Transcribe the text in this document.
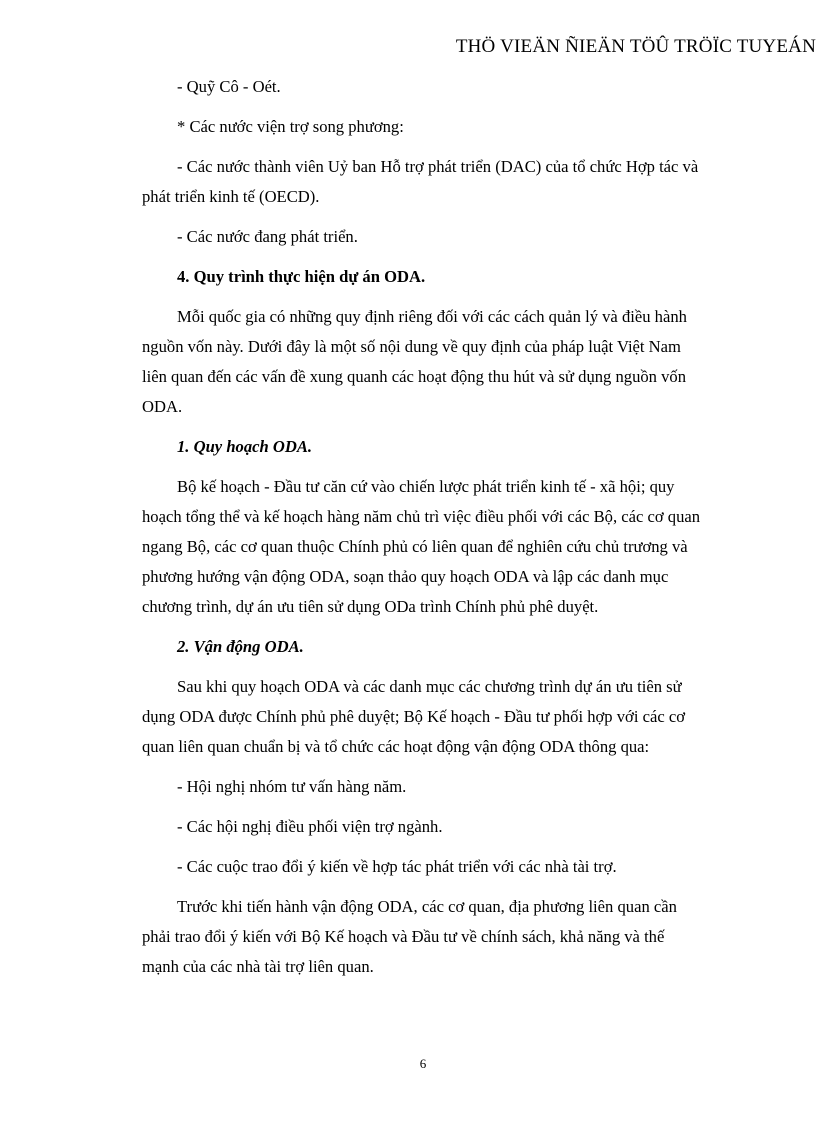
THÖ VIEÄN ÑIEÄN TÖÛ TRÖÏC TUYEÁN

- Quỹ Cô - Oét.

* Các nước viện trợ song phương:

- Các nước thành viên Uỷ ban Hỗ trợ phát triển (DAC) của tổ chức Hợp tác và phát triển kinh tế (OECD).

- Các nước đang phát triển.

4. Quy trình thực hiện dự án ODA.

Mỗi quốc gia có những quy định riêng đối với các cách quản lý và điều hành nguồn vốn này. Dưới đây là một số nội dung về quy định của pháp luật Việt Nam liên quan đến các vấn đề xung quanh các hoạt động thu hút và sử dụng nguồn vốn ODA.

1. Quy hoạch ODA.

Bộ kế hoạch - Đầu tư căn cứ vào chiến lược phát triển kinh tế - xã hội; quy hoạch tổng thể và kế hoạch hàng năm chủ trì việc điều phối với các Bộ, các cơ quan ngang Bộ, các cơ quan thuộc Chính phủ có liên quan để nghiên cứu chủ trương và phương hướng vận động ODA, soạn thảo quy hoạch ODA và lập các danh mục chương trình, dự án ưu tiên sử dụng ODa trình Chính phủ phê duyệt.

2. Vận động ODA.

Sau khi quy hoạch ODA và các danh mục các chương trình dự án ưu tiên sử dụng ODA được Chính phủ phê duyệt; Bộ Kế hoạch - Đầu tư phối hợp với các cơ quan liên quan chuẩn bị và tổ chức các hoạt động vận động ODA thông qua:

- Hội nghị nhóm tư vấn hàng năm.

- Các hội nghị điều phối viện trợ ngành.

- Các cuộc trao đổi ý kiến về hợp tác phát triển với các nhà tài trợ.

Trước khi tiến hành vận động ODA, các cơ quan, địa phương liên quan cần phải trao đổi ý kiến với Bộ Kế hoạch và Đầu tư về chính sách, khả năng và thế mạnh của các nhà tài trợ liên quan.

6
